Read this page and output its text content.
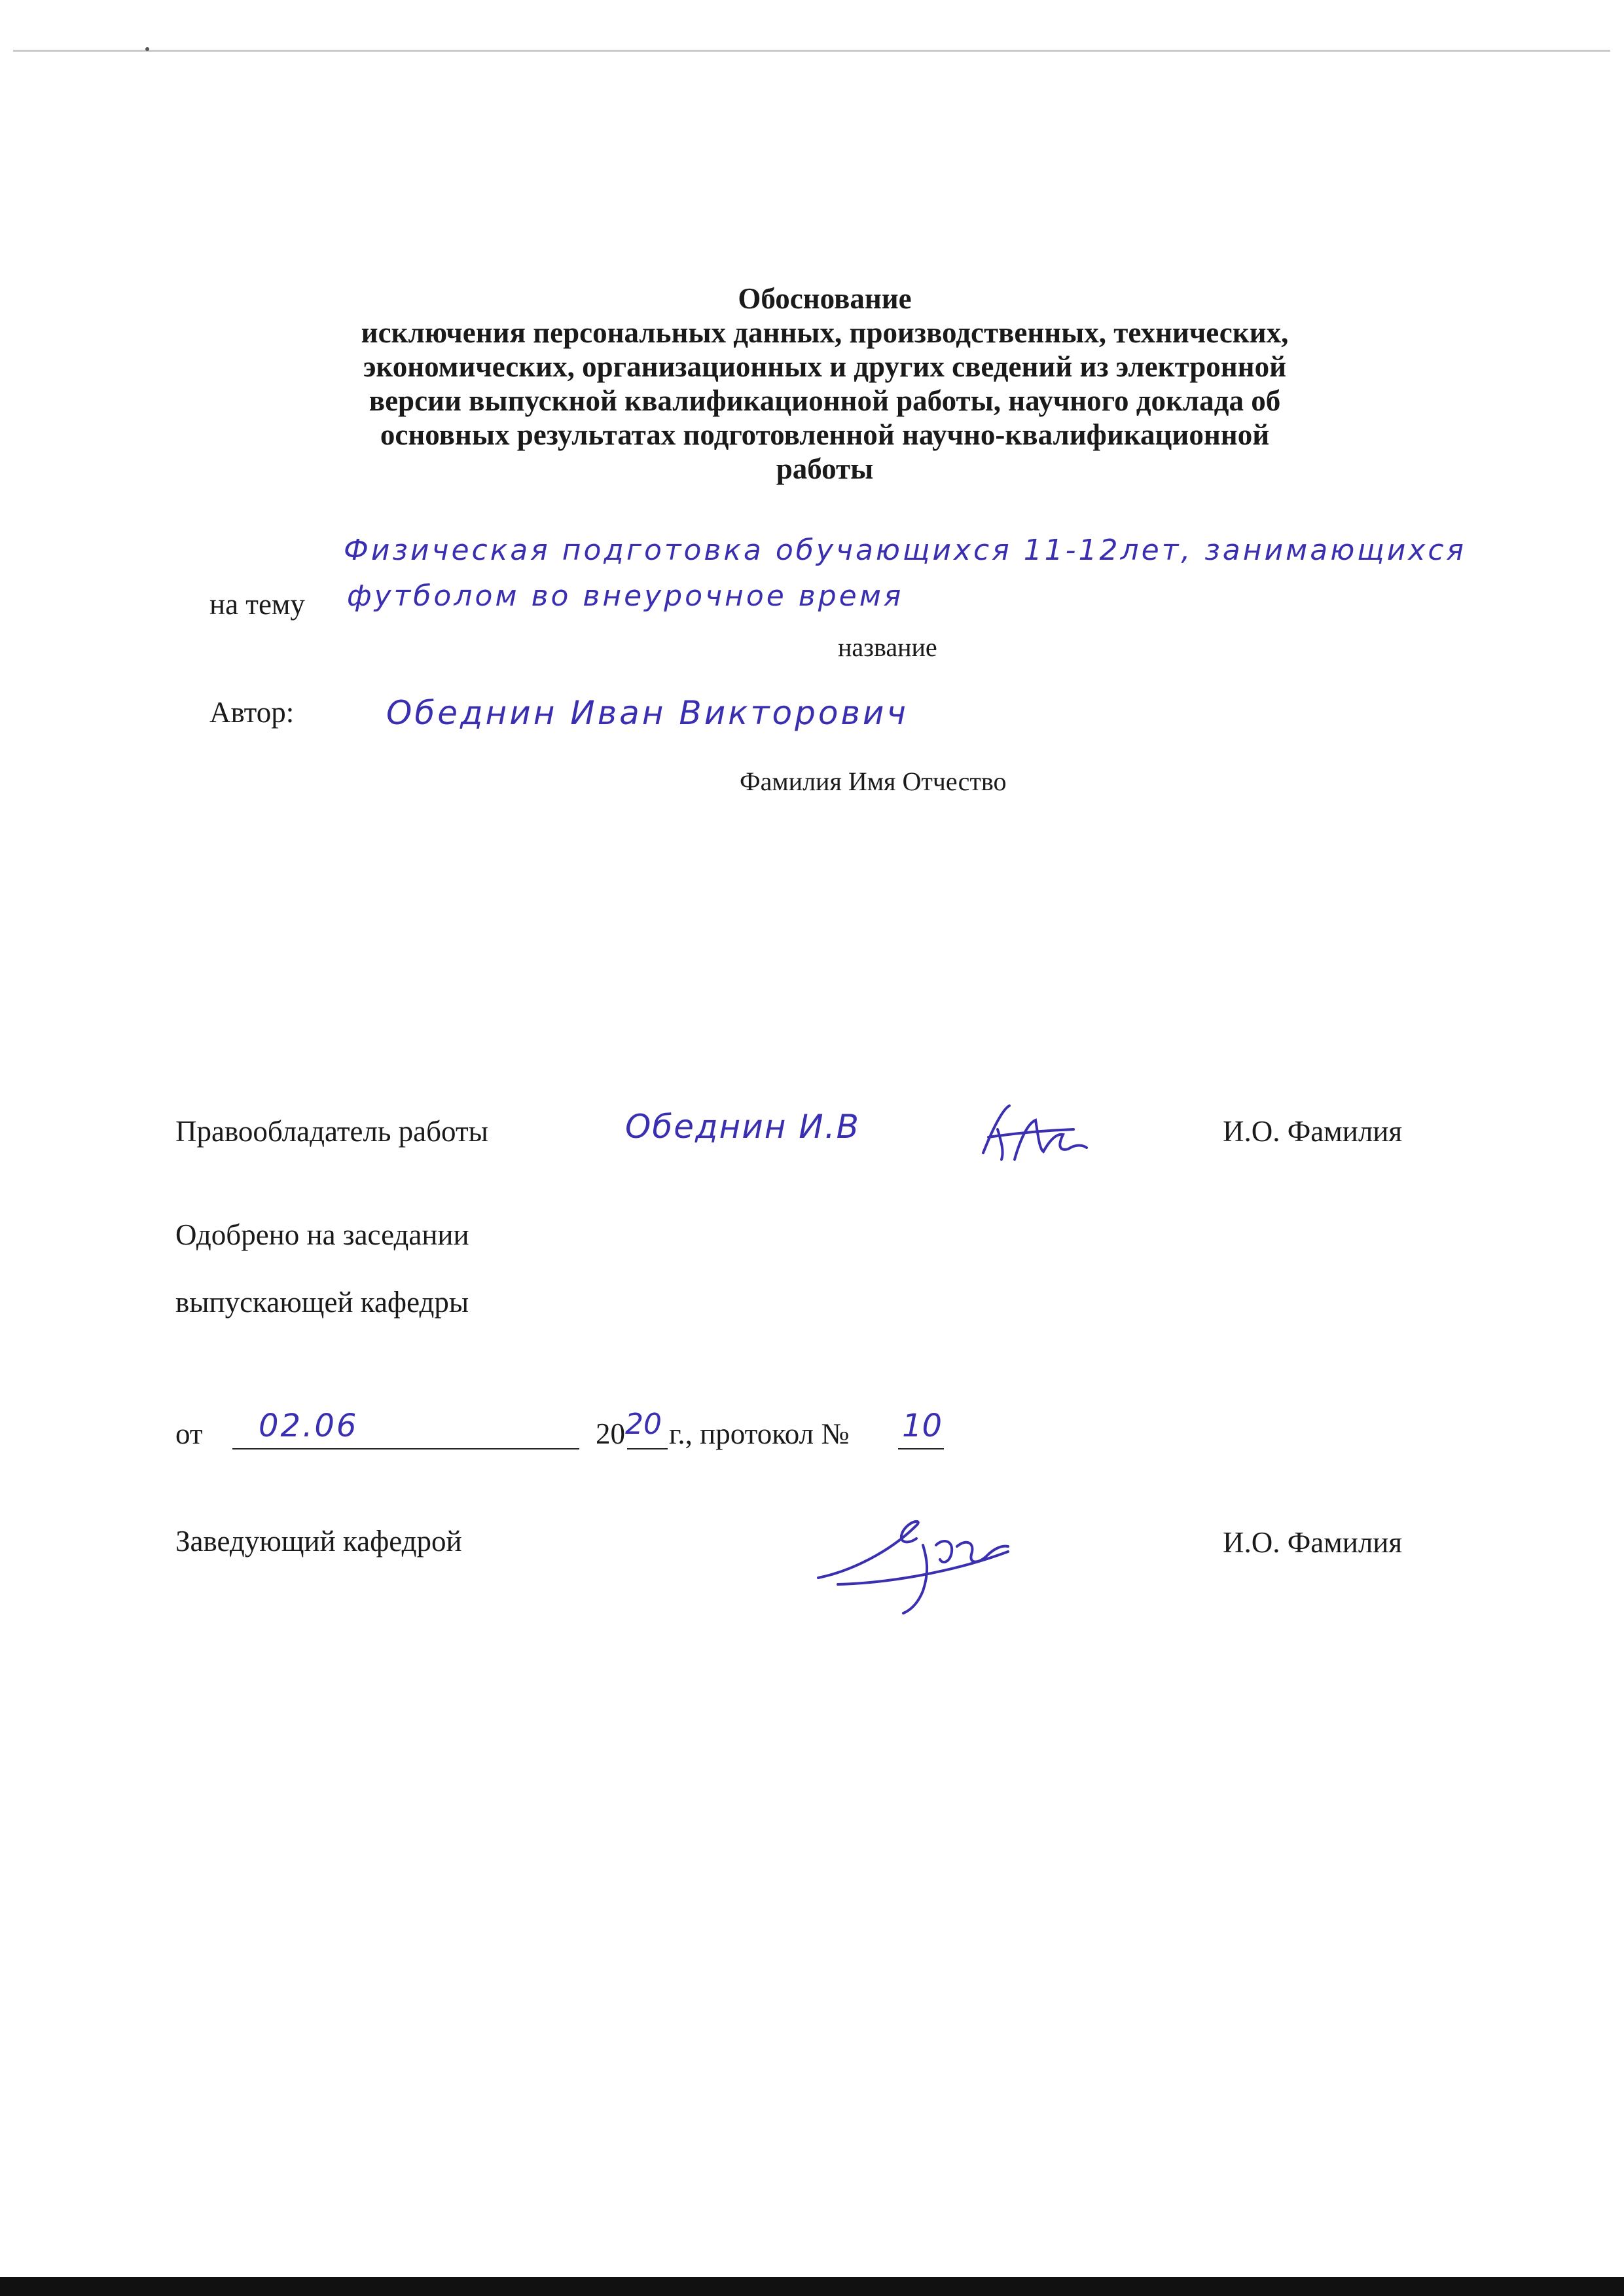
Обоснование
исключения персональных данных, производственных, технических,
экономических, организационных и других сведений из электронной
версии выпускной квалификационной работы, научного доклада об
основных результатах подготовленной научно-квалификационной
работы
Физическая подготовка обучающихся 11-12лет, занимающихся
на тему футболом во внеурочное время
название
Автор:	Обеднин Иван Викторович
Фамилия Имя Отчество
Правообладатель работы	Обеднин И.В	И.О. Фамилия
Одобрено на заседании
выпускающей кафедры
от 02.06	20 20 г., протокол № 10
Заведующий кафедрой	И.О. Фамилия
